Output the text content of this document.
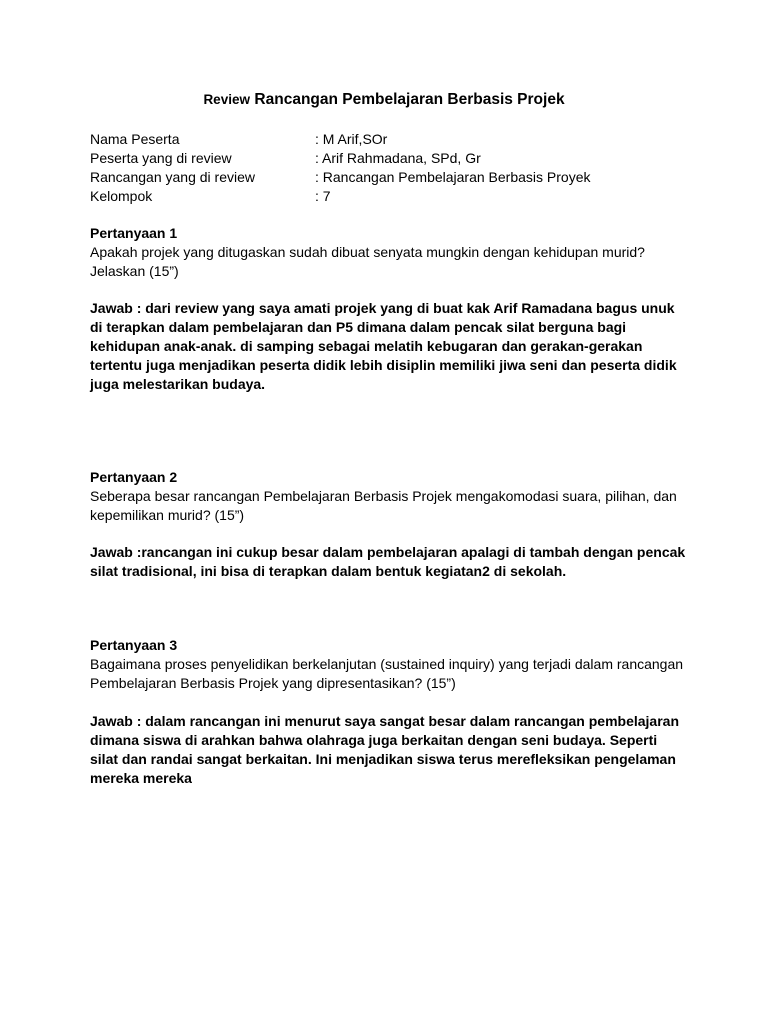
Review Rancangan Pembelajaran Berbasis Projek
Nama Peserta	: M Arif,SOr
Peserta yang di review	: Arif Rahmadana, SPd, Gr
Rancangan yang di review	: Rancangan Pembelajaran Berbasis Proyek
Kelompok	: 7
Pertanyaan 1
Apakah projek yang ditugaskan sudah dibuat senyata mungkin dengan kehidupan murid?
Jelaskan (15”)
Jawab : dari review yang saya amati projek yang di buat kak Arif Ramadana bagus unuk
di terapkan dalam pembelajaran dan P5 dimana dalam pencak silat berguna bagi
kehidupan anak-anak. di samping sebagai melatih kebugaran dan gerakan-gerakan
tertentu juga menjadikan peserta didik lebih disiplin memiliki jiwa seni dan peserta didik
juga melestarikan budaya.
Pertanyaan 2
Seberapa besar rancangan Pembelajaran Berbasis Projek mengakomodasi suara, pilihan, dan
kepemilikan murid? (15”)
Jawab :rancangan ini cukup besar dalam pembelajaran apalagi di tambah dengan pencak
silat tradisional, ini bisa di terapkan dalam bentuk kegiatan2 di sekolah.
Pertanyaan 3
Bagaimana proses penyelidikan berkelanjutan (sustained inquiry) yang terjadi dalam rancangan
Pembelajaran Berbasis Projek yang dipresentasikan? (15”)
Jawab : dalam rancangan ini menurut saya sangat besar dalam rancangan pembelajaran
dimana siswa di arahkan bahwa olahraga juga berkaitan dengan seni budaya. Seperti
silat dan randai sangat berkaitan. Ini menjadikan siswa terus merefleksikan pengelaman
mereka mereka
